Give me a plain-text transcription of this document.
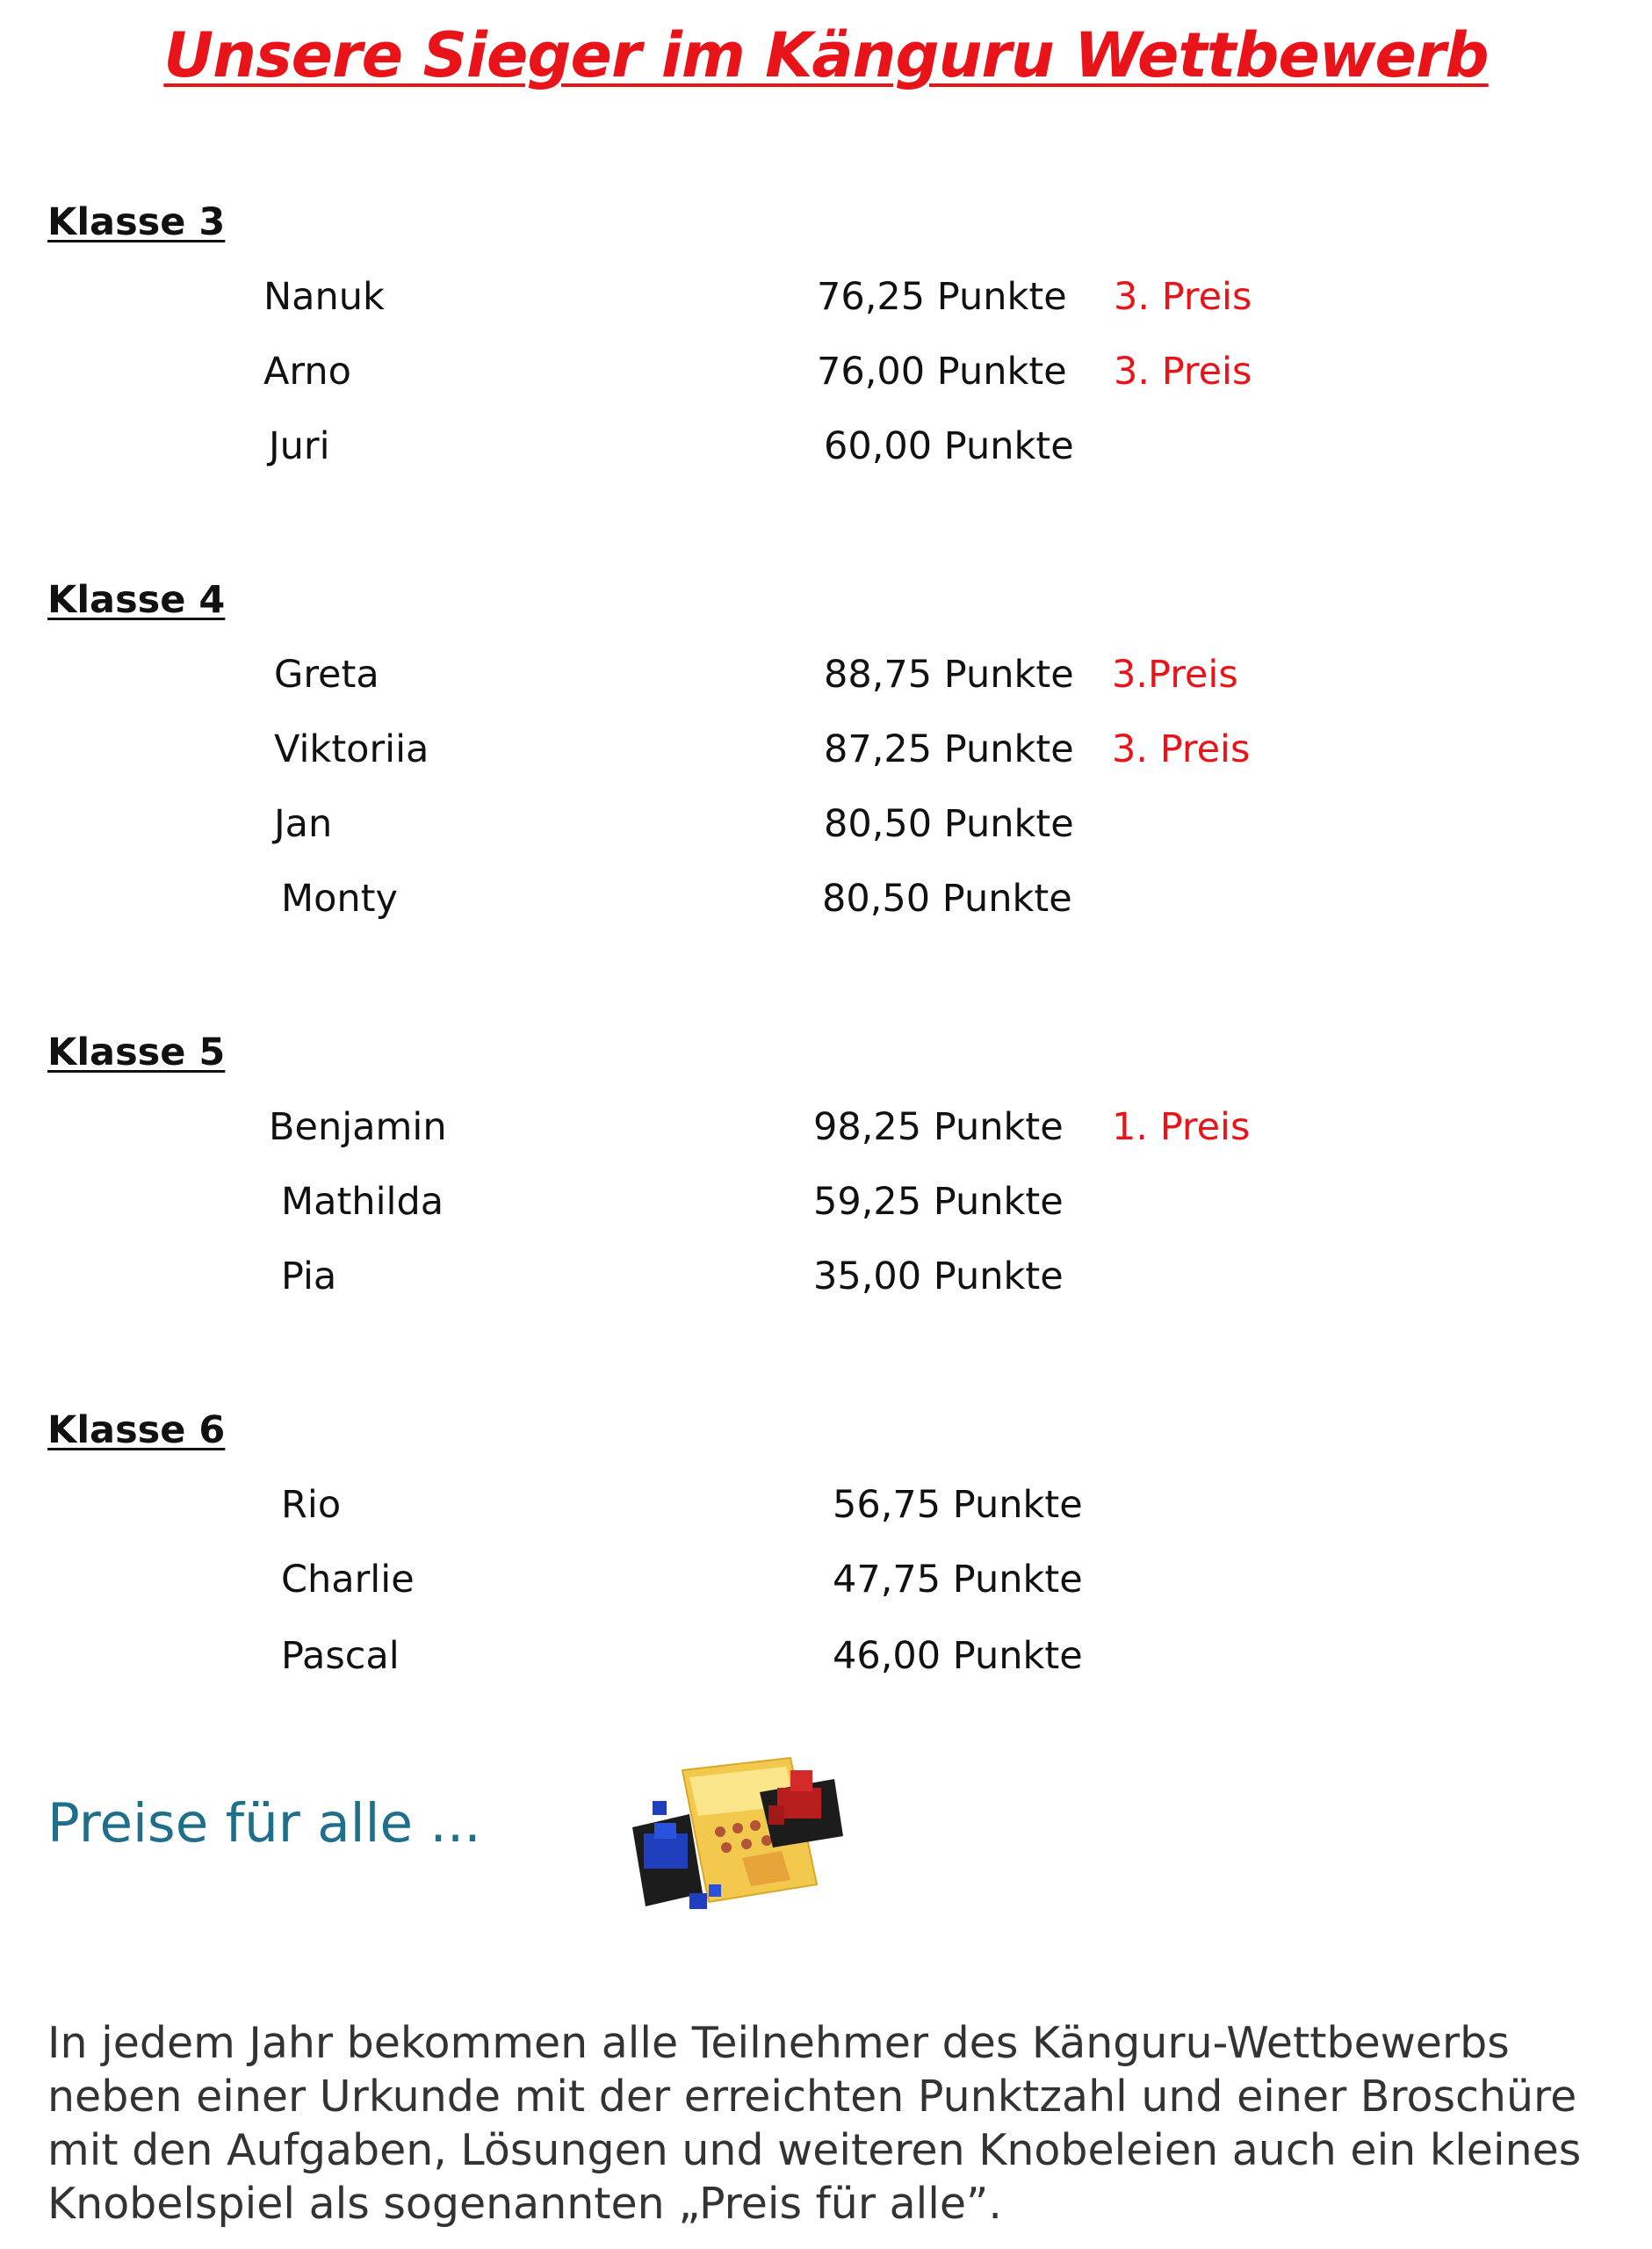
Unsere Sieger im Känguru Wettbewerb
Klasse 3
Nanuk	76,25 Punkte 3. Preis
Arno	76,00 Punkte 3. Preis
Juri	60,00 Punkte
Klasse 4
Greta	88,75 Punkte 3.Preis
Viktoriia	87,25 Punkte 3. Preis
Jan	80,50 Punkte
Monty	80,50 Punkte
Klasse 5
Benjamin	98,25 Punkte 1. Preis
Mathilda	59,25 Punkte
Pia	35,00 Punkte
Klasse 6
Rio	56,75 Punkte
Charlie	47,75 Punkte
Pascal	46,00 Punkte
Preise für alle ...
In jedem Jahr bekommen alle Teilnehmer des Känguru-Wettbewerbs neben einer Urkunde mit der erreichten Punktzahl und einer Broschüre mit den Aufgaben, Lösungen und weiteren Knobeleien auch ein kleines Knobelspiel als sogenannten „Preis für alle”.
